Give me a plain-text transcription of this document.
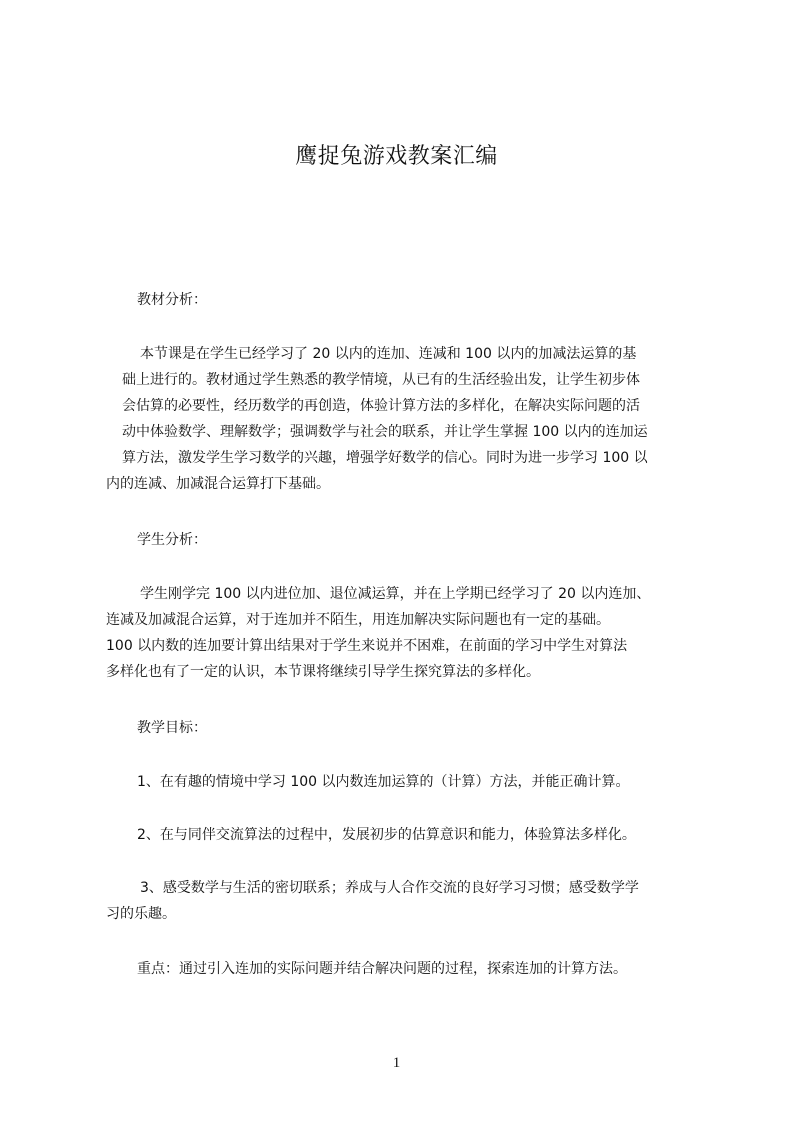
鹰捉兔游戏教案汇编

教材分析：

本节课是在学生已经学习了 20 以内的连加、连减和 100 以内的加减法运算的基
础上进行的。教材通过学生熟悉的教学情境，从已有的生活经验出发，让学生初步体
会估算的必要性，经历数学的再创造，体验计算方法的多样化，在解决实际问题的活
动中体验数学、理解数学；强调数学与社会的联系，并让学生掌握 100 以内的连加运
算方法，激发学生学习数学的兴趣，增强学好数学的信心。同时为进一步学习 100 以
内的连减、加减混合运算打下基础。

学生分析：

学生刚学完 100 以内进位加、退位减运算，并在上学期已经学习了 20 以内连加、
连减及加减混合运算，对于连加并不陌生，用连加解决实际问题也有一定的基础。
100 以内数的连加要计算出结果对于学生来说并不困难，在前面的学习中学生对算法
多样化也有了一定的认识，本节课将继续引导学生探究算法的多样化。

教学目标：

1、在有趣的情境中学习 100 以内数连加运算的（计算）方法，并能正确计算。

2、在与同伴交流算法的过程中，发展初步的估算意识和能力，体验算法多样化。

3、感受数学与生活的密切联系；养成与人合作交流的良好学习习惯；感受数学学
习的乐趣。

重点：通过引入连加的实际问题并结合解决问题的过程，探索连加的计算方法。

1
